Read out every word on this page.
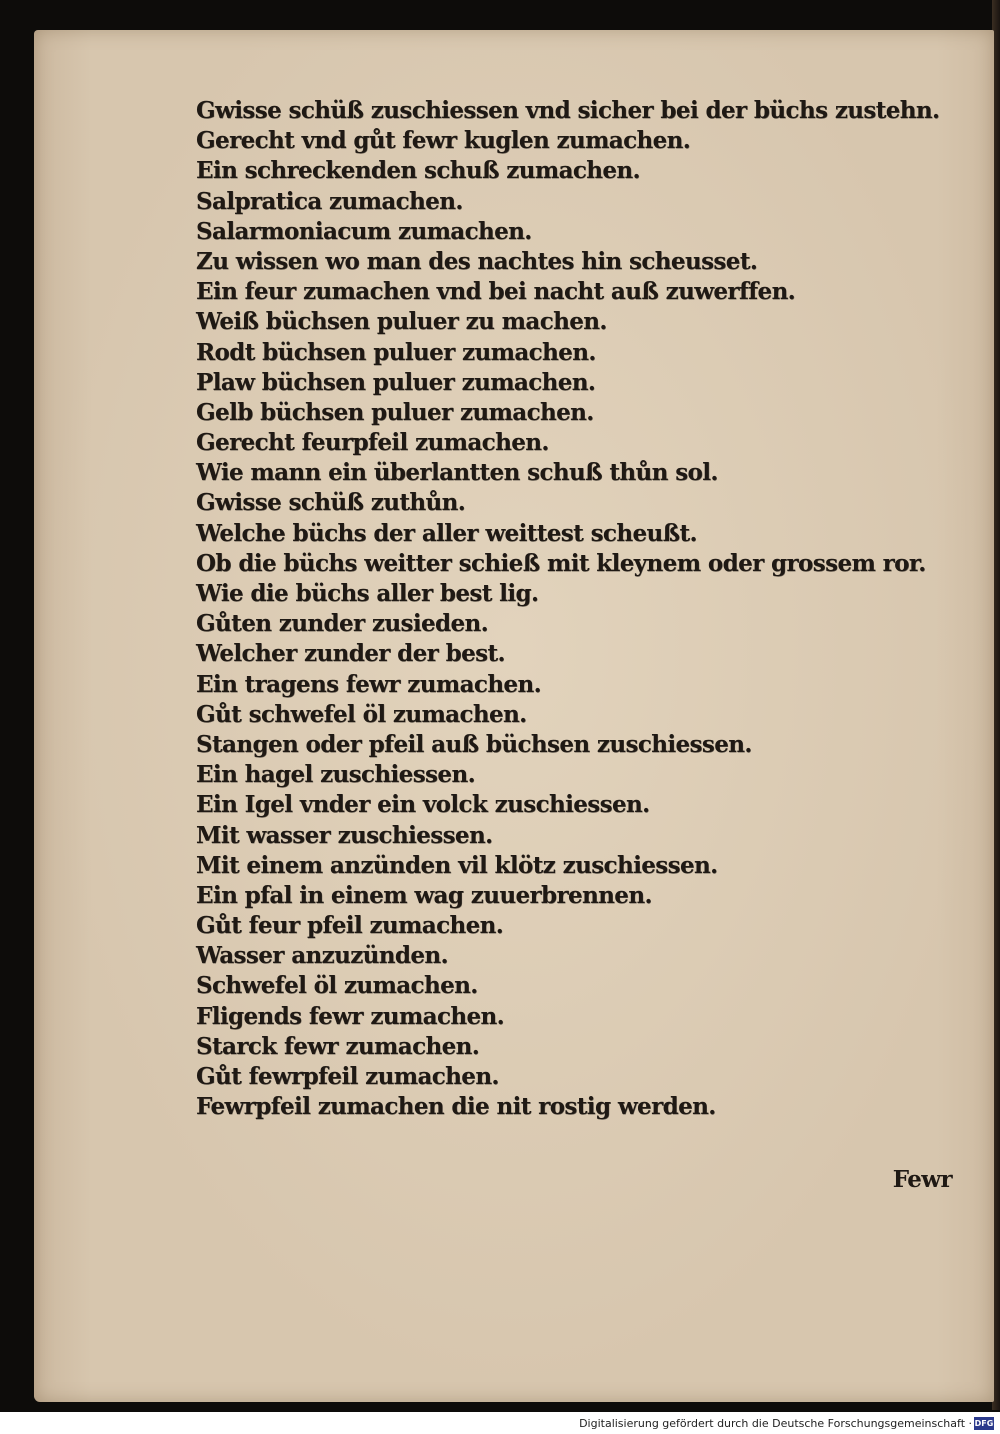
Gwisse schüß zuschiessen vnd sicher bei der büchs zustehn.
Gerecht vnd gůt fewr kuglen zumachen.
Ein schreckenden schuß zumachen.
Salpratica zumachen.
Salarmoniacum zumachen.
Zu wissen wo man des nachtes hin scheusset.
Ein feur zumachen vnd bei nacht auß zuwerffen.
Weiß büchsen puluer zu machen.
Rodt büchsen puluer zumachen.
Plaw büchsen puluer zumachen.
Gelb büchsen puluer zumachen.
Gerecht feurpfeil zumachen.
Wie mann ein überlantten schuß thůn sol.
Gwisse schüß zuthůn.
Welche büchs der aller weittest scheußt.
Ob die büchs weitter schieß mit kleynem oder grossem ror.
Wie die büchs aller best lig.
Gůten zunder zusieden.
Welcher zunder der best.
Ein tragens fewr zumachen.
Gůt schwefel öl zumachen.
Stangen oder pfeil auß büchsen zuschiessen.
Ein hagel zuschiessen.
Ein Igel vnder ein volck zuschiessen.
Mit wasser zuschiessen.
Mit einem anzünden vil klötz zuschiessen.
Ein pfal in einem wag zuuerbrennen.
Gůt feur pfeil zumachen.
Wasser anzuzünden.
Schwefel öl zumachen.
Fligends fewr zumachen.
Starck fewr zumachen.
Gůt fewrpfeil zumachen.
Fewrpfeil zumachen die nit rostig werden.
Fewr
Digitalisierung gefördert durch die Deutsche Forschungsgemeinschaft · DFG
